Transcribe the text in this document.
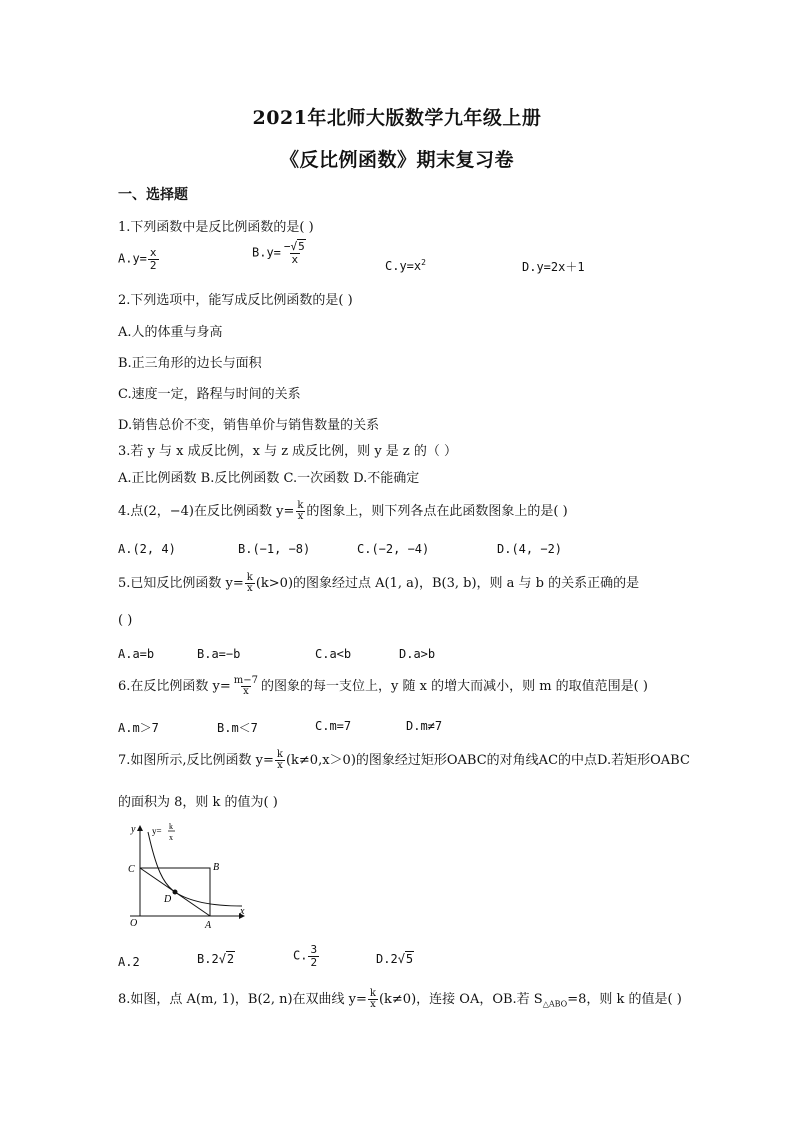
2021年北师大版数学九年级上册
《反比例函数》期末复习卷
一、选择题
1.下列函数中是反比例函数的是( )
$A.y= \frac{x}{2}$	$B.y= \frac{-√5}{x}$
$C.y=x^2$	D.y=2x＋1
2.下列选项中，能写成反比例函数的是( )
A.人的体重与身高
B.正三角形的边长与面积
C.速度一定，路程与时间的关系
D.销售总价不变，销售单价与销售数量的关系
3.若 y 与 x 成反比例，x 与 z 成反比例，则 y 是 z 的（ ）
A.正比例函数 B.反比例函数 C.一次函数 D.不能确定
4.点(2，−4)在反比例函数 $y= \frac{k}{x}$ 的图象上，则下列各点在此函数图象上的是( )
A.(2, 4)	B.(−1, −8)	C.(−2, −4)	D.(4, −2)
5.已知反比例函数 $y= \frac{k}{x} (k>0)$的图象经过点 A(1, a)，B(3, b)，则 a 与 b 的关系正确的是
( )
A.a=b	B.a=−b	C.a<b	D.a>b
6.在反比例函数 $y= \frac{m-7}{x}$ 的图象的每一支位上，y 随 x 的增大而减小，则 m 的取值范围是( )
A.m＞7	B.m＜7	C.m=7	D.m≠7
7.如图所示,反比例函数 $y= \frac{k}{x} (k\ne 0,x>0)$的图象经过矩形OABC的对角线AC的中点D.若矩形OABC
的面积为 8，则 k 的值为( )
y
x
O
C	B
A
D
y= k
x
A.2	B.2√2	C. $\frac{3}{2}$	D.2√5
8.如图，点 A(m, 1)，B(2, n)在双曲线 $y= \frac{k}{x} (k\ne 0)$，连接 OA，OB.若 $S_{\triangle ABO}=8$，则 k 的值是( )
